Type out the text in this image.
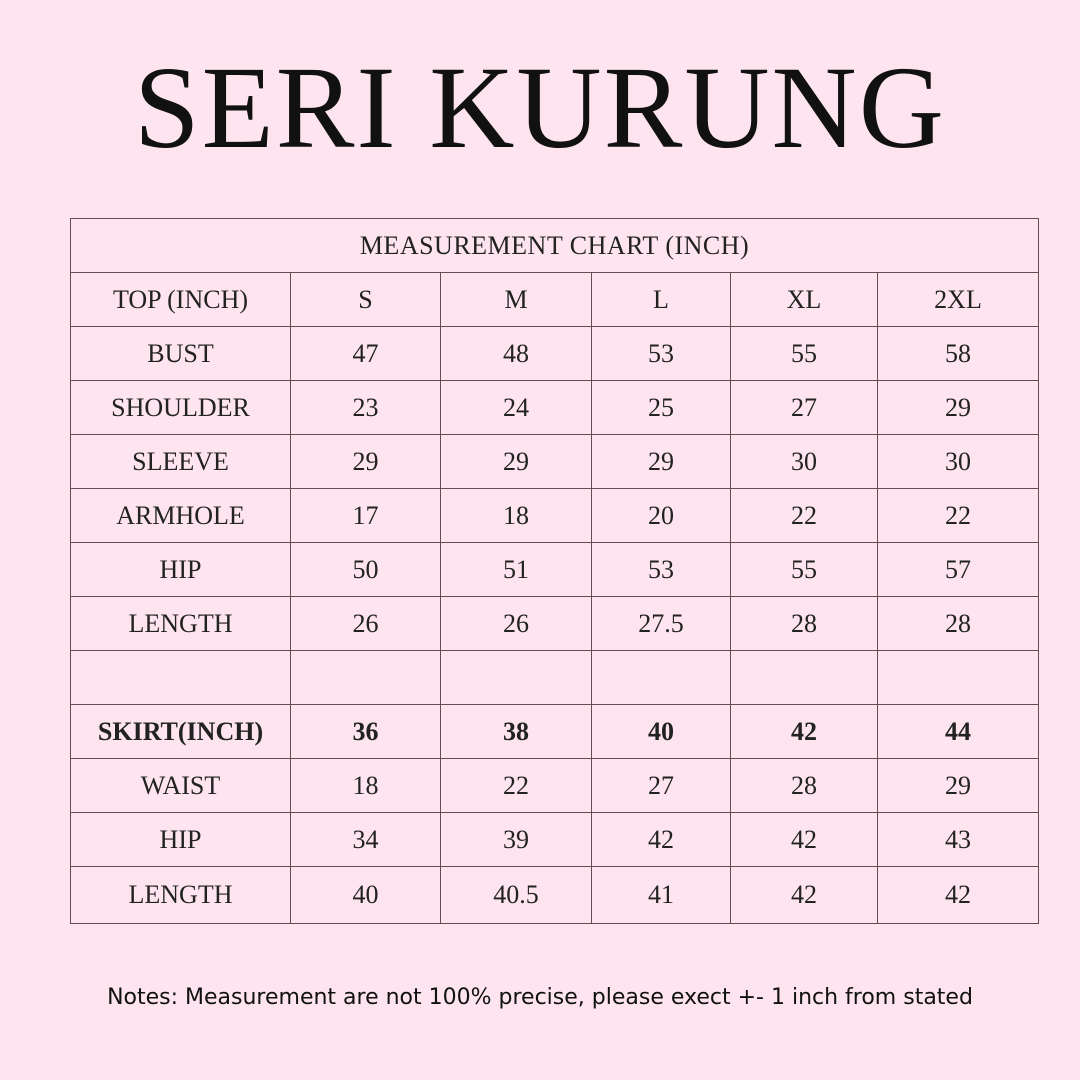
SERI KURUNG
MEASUREMENT CHART (INCH)					
TOP (INCH)	S	M	L	XL	2XL
BUST	47	48	53	55	58
SHOULDER	23	24	25	27	29
SLEEVE	29	29	29	30	30
ARMHOLE	17	18	20	22	22
HIP	50	51	53	55	57
LENGTH	26	26	27.5	28	28

SKIRT(INCH)	36	38	40	42	44
WAIST	18	22	27	28	29
HIP	34	39	42	42	43
LENGTH	40	40.5	41	42	42
Notes: Measurement are not 100% precise, please exect +- 1 inch from stated
